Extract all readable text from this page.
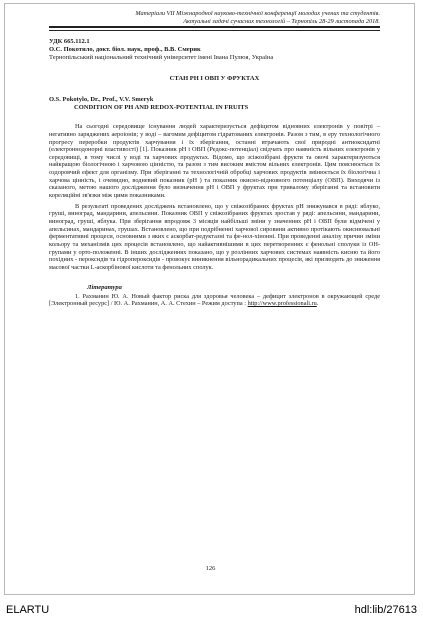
Матеріали VII Міжнародної науково-технічної конференції молодих учених та студентів.
Актуальні задачі сучасних технологій – Тернопіль 28-29 листопада 2018.
УДК 665.112.1
О.С. Покотило, докт. біол. наук, проф., В.В. Смерик
Тернопільський національний технічний університет імені Івана Пулюя, Україна
СТАН РН І ОВП У ФРУКТАХ
O.S. Pokotylo, Dr., Prof., V.V. Smeryk
CONDITION OF PH AND REDOX-POTENTIAL IN FRUITS

На сьогодні середовище існування людей характеризується дефіцитом відновних електронів у повітрі – негативно заряджених аероіонів; у воді – вагомим дефіцитом гідратованих електронів. Разом з тим, в еру технологічного прогресу переробки продуктів харчування і їх зберігання, останні втрачають свої природні антиоксидатні (електроннодонорні властивості) [1]. Показник рН і ОВП (Редокс-потенціал) свідчать про наявність вільних електронів у середовищі, в тому числі у воді та харчових продуктах. Відомо, що зсіжозібрані фрукти та овочі характеризуються найкращою біологічною і харчовою цінністю, та разом з тим високим вмістом вільних електронів. Цим пояснюється їх оздоровчий ефект для організму. При зберіганні та технологічній обробці харчових продуктів змінюється їх біологічна і харчова цінність, і очевидно, водневий показник (рН ) та показник окисно-відновного потенціалу (ОВП). Виходячи із сказаного, метою нашого дослідження було визначення рН і ОВП у фруктах при тривалому зберіганні та встановити кореляційні зв'язки між цими показниками.

В результаті проведених досліджень встановлено, що у свіжозібраних фруктах рН знижувався в ряді: яблуко, груші, виноград, мандарини, апельсини. Показник ОВП у свіжозібраних фруктах зростав у ряді: апельсини, мандарини, виноград, груші, яблука. При зберігання впродовж 3 місяців найбільші зміни у значеннях рН і ОВП були відмічені у апельсинах, мандаринах, грушах. Встановлено, що при подрібненні харчової сировини активно протікають окиснювальні ферментативні процеси, основними з яких є аскорбат-редуктазні та фе-нол-хінонні. При проведенні аналізу причин зміни кольору та механізмів цих процесів встановлено, що найактивнішими в цих перетвореннях є фенольні сполуки із ОН-групами у орто-положенні. В інших дослідженнях показано, що у розлінних харчових системах наявність кисню та його похідних - пероксидів та гідропероксидів - провокує виникнення вільнорадикальних процесів, які призводять до зниження масової частки L-аскорбінової кислоти та фенольних сполук.

Література

1. Рахманин Ю. А. Новый фактор риска для здоровья человека – дефицит электронов в окружающей среде [Электронный ресурс] / Ю. А. Рахманин, А. А. Стехин – Режим доступа : http://www.professionali.ru.

126
ELARTU	hdl:lib/27613
